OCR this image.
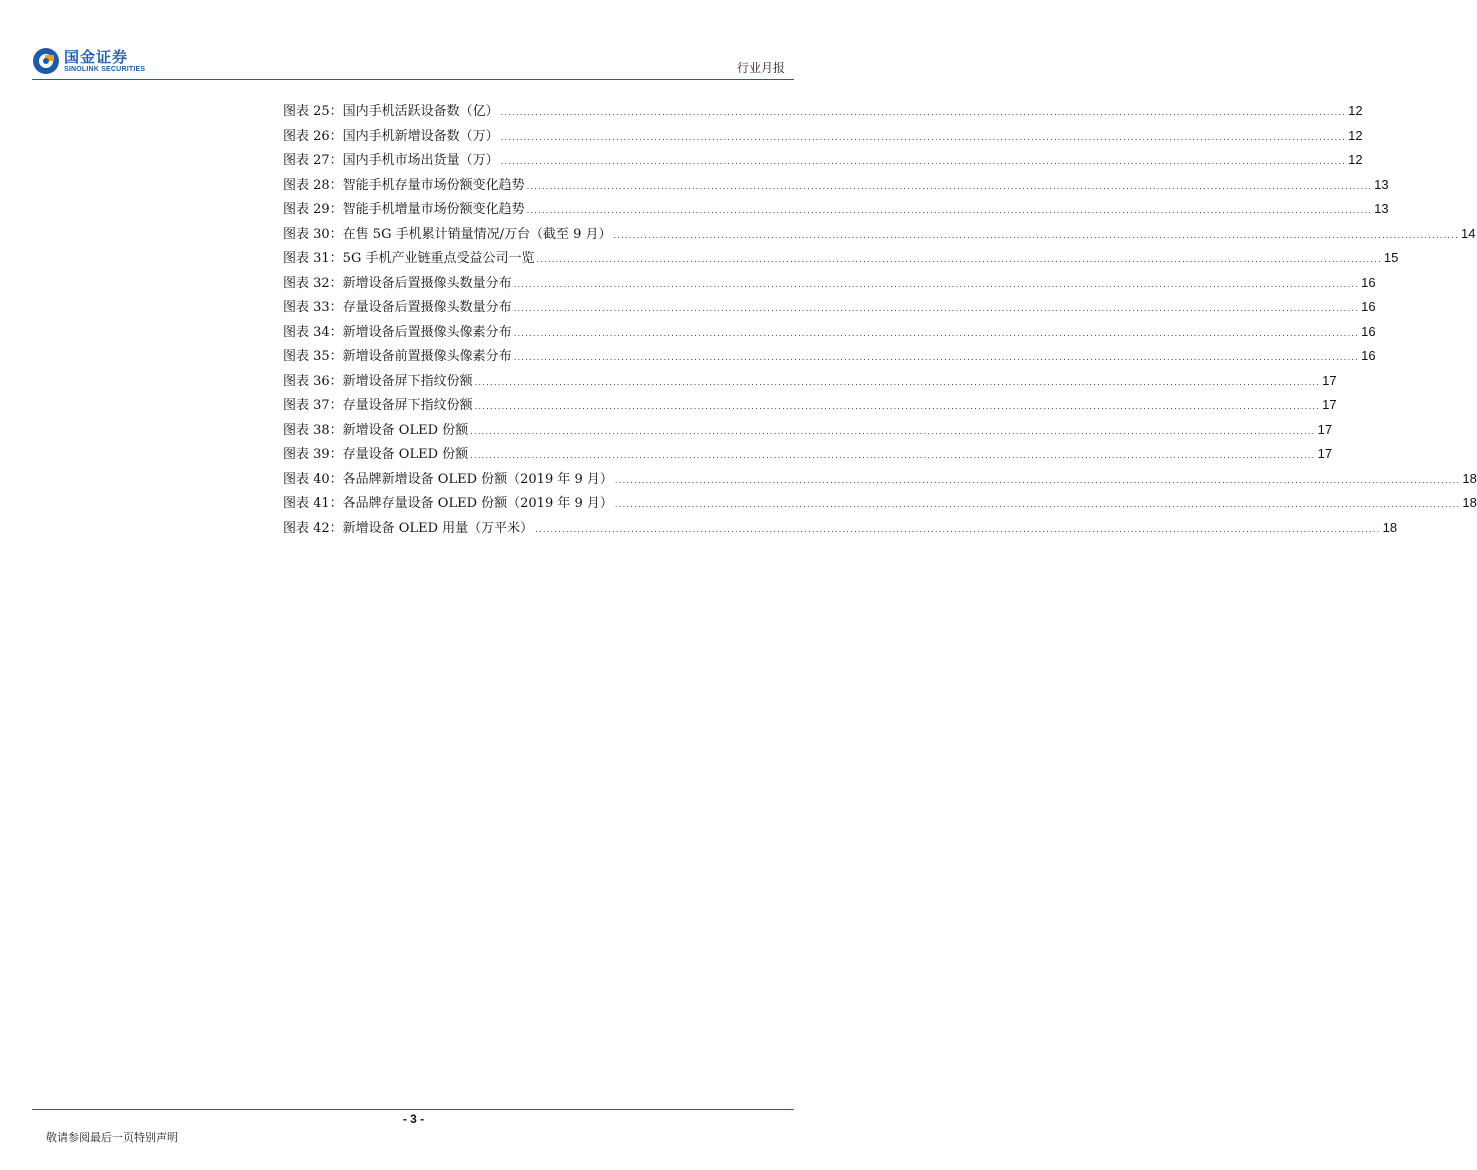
国金证券
SINOLINK SECURITIES	行业月报
图表 25：国内手机活跃设备数（亿） ............................................................................................................................................................................................................................ 12
图表 26：国内手机新增设备数（万） ............................................................................................................................................................................................................................ 12
图表 27：国内手机市场出货量（万） ............................................................................................................................................................................................................................ 12
图表 28：智能手机存量市场份额变化趋势 ............................................................................................................................................................................................................................ 13
图表 29：智能手机增量市场份额变化趋势 ............................................................................................................................................................................................................................ 13
图表 30：在售 5G 手机累计销量情况/万台（截至 9 月） ............................................................................................................................................................................................................................ 14
图表 31：5G 手机产业链重点受益公司一览 ............................................................................................................................................................................................................................ 15
图表 32：新增设备后置摄像头数量分布 ............................................................................................................................................................................................................................ 16
图表 33：存量设备后置摄像头数量分布 ............................................................................................................................................................................................................................ 16
图表 34：新增设备后置摄像头像素分布 ............................................................................................................................................................................................................................ 16
图表 35：新增设备前置摄像头像素分布 ............................................................................................................................................................................................................................ 16
图表 36：新增设备屏下指纹份额 ............................................................................................................................................................................................................................ 17
图表 37：存量设备屏下指纹份额 ............................................................................................................................................................................................................................ 17
图表 38：新增设备 OLED 份额 ............................................................................................................................................................................................................................ 17
图表 39：存量设备 OLED 份额 ............................................................................................................................................................................................................................ 17
图表 40：各品牌新增设备 OLED 份额（2019 年 9 月） ............................................................................................................................................................................................................................ 18
图表 41：各品牌存量设备 OLED 份额（2019 年 9 月） ............................................................................................................................................................................................................................ 18
图表 42：新增设备 OLED 用量（万平米） ............................................................................................................................................................................................................................ 18
- 3 -
敬请参阅最后一页特别声明
